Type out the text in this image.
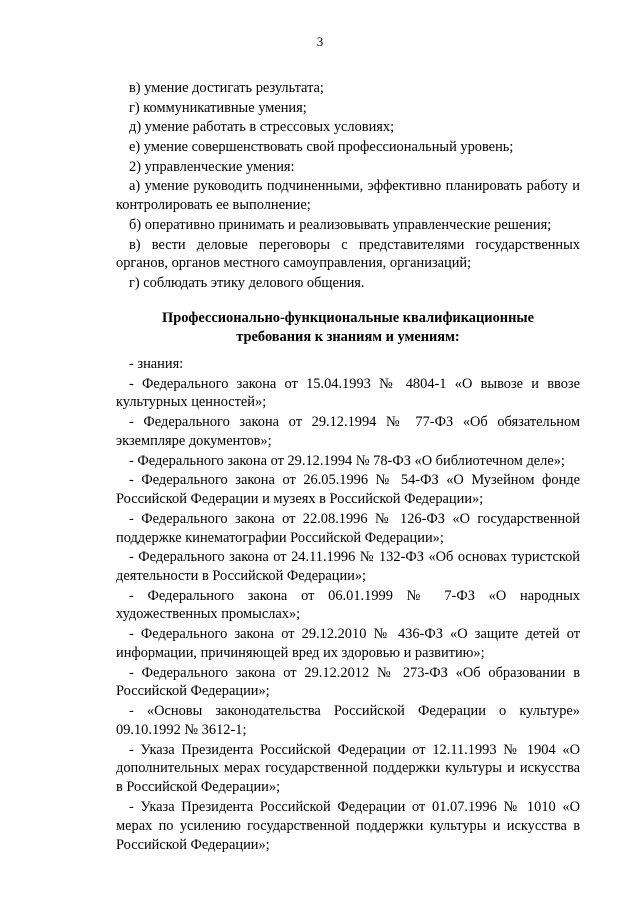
3

в) умение достигать результата;

г) коммуникативные умения;

д) умение работать в стрессовых условиях;

е) умение совершенствовать свой профессиональный уровень;

2) управленческие умения:

а) умение руководить подчиненными, эффективно планировать работу и контролировать ее выполнение;

б) оперативно принимать и реализовывать управленческие решения;

в) вести деловые переговоры с представителями государственных органов, органов местного самоуправления, организаций;

г) соблюдать этику делового общения.

Профессионально-функциональные квалификационные
требования к знаниям и умениям:

- знания:

- Федерального закона от 15.04.1993 № 4804-1 «О вывозе и ввозе культурных ценностей»;

- Федерального закона от 29.12.1994 № 77-ФЗ «Об обязательном экземпляре документов»;

- Федерального закона от 29.12.1994 № 78-ФЗ «О библиотечном деле»;

- Федерального закона от 26.05.1996 № 54-ФЗ «О Музейном фонде Российской Федерации и музеях в Российской Федерации»;

- Федерального закона от 22.08.1996 № 126-ФЗ «О государственной поддержке кинематографии Российской Федерации»;

- Федерального закона от 24.11.1996 № 132-ФЗ «Об основах туристской деятельности в Российской Федерации»;

- Федерального закона от 06.01.1999 № 7-ФЗ «О народных художественных промыслах»;

- Федерального закона от 29.12.2010 № 436-ФЗ «О защите детей от информации, причиняющей вред их здоровью и развитию»;

- Федерального закона от 29.12.2012 № 273-ФЗ «Об образовании в Российской Федерации»;

- «Основы законодательства Российской Федерации о культуре» 09.10.1992 № 3612-1;

- Указа Президента Российской Федерации от 12.11.1993 № 1904 «О дополнительных мерах государственной поддержки культуры и искусства в Российской Федерации»;

- Указа Президента Российской Федерации от 01.07.1996 № 1010 «О мерах по усилению государственной поддержки культуры и искусства в Российской Федерации»;
